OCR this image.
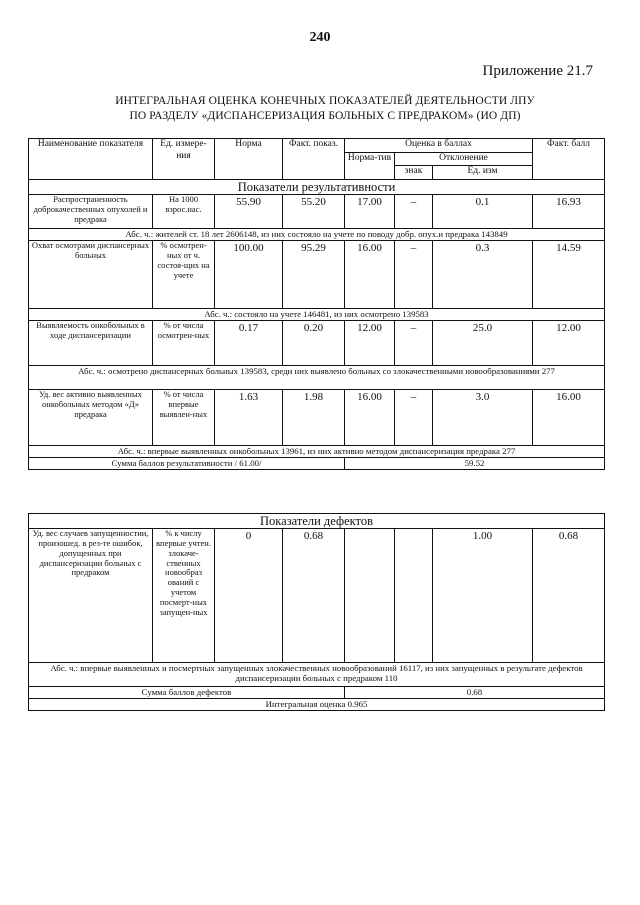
240
Приложение 21.7
ИНТЕГРАЛЬНАЯ ОЦЕНКА КОНЕЧНЫХ ПОКАЗАТЕЛЕЙ ДЕЯТЕЛЬНОСТИ ЛПУ
ПО РАЗДЕЛУ «ДИСПАНСЕРИЗАЦИЯ БОЛЬНЫХ С ПРЕДРАКОМ» (ИО ДП)
Наименование показателя	Ед. измере-ния	Норма	Факт. показ.	Оценка в баллах			Факт. балл
				Норма-тив	Отклонение		
					знак	Ед. изм	
Показатели результативности							
Распространенность доброкачественных опухолей и предрака	На 1000 взрос.нас.	55.90	55.20	17.00	–	0.1	16.93
Абс. ч.: жителей ст. 18 лет 2606148, из них состояло на учете по поводу добр. опух.и предрака 143849							
Охват осмотрами диспансерных больных	% осмотрен-ных от ч. состоя-щих на учете	100.00	95.29	16.00	–	0.3	14.59
Абс. ч.: состояло на учете 146481, из них осмотрено 139583							
Выявляемость онкобольных в ходе диспансеризации	% от числа осмотрен-ных	0.17	0.20	12.00	–	25.0	12.00
Абс. ч.: осмотрено диспансерных больных 139583, среди них выявлено больных со злокачественными новообразованиями 277							
Уд. вес активно выявленных онкобольных методом «Д» предрака	% от числа впервые выявлен-ных	1.63	1.98	16.00	–	3.0	16.00
Абс. ч.: впервые выявленных онкобольных 13961, из них активно методом диспансеризация предрака 277							
Сумма баллов результативности / 61.00/				59.52			
Показатели дефектов							
Уд. вес случаев запущенностии, произошед. в рез-те ошибок, допущенных при диспансеризации больных с предраком	% к числу впервые учтен. злокаче-ственных новообраз ований с учетом посмерт-ных запущен-ных	0	0.68			1.00	0.68
Абс. ч.: впервые выявленных и посмертных запущенных злокачественных новообразований 16117, из них запущенных в результате дефектов диспансеризации больных с предраком 110							
Сумма баллов дефектов				0.68			
Интегральная оценка 0.965							
